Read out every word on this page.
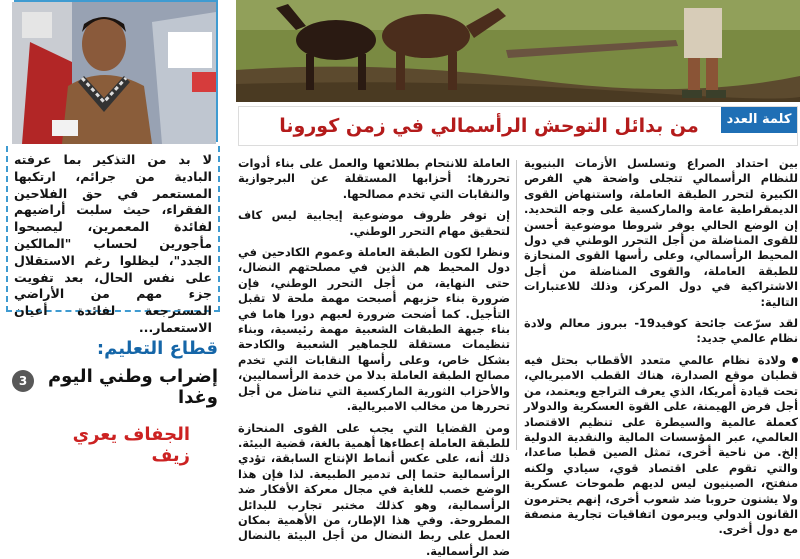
لا بد من التذكير بما عرفته البادية من جرائم، ارتكبها المستعمر في حق الفلاحين الفقراء، حيث سلبت أراضيهم لفائدة المعمرين، ليصبحوا مأجورين لحساب "المالكين الجدد"، ليظلوا رغم الاستقلال على نفس الحال، بعد تفويت جزء مهم من الأراضي المسترجعة لفائدة أعيان الاستعمار...
قطاع التعليم:
إضراب وطني اليوم وغدا
3
الجفاف يعري زيف
كلمة العدد
من بدائل التوحش الرأسمالي في زمن كورونا

بين احتداد الصراع وتسلسل الأزمات البنيوية للنظام الرأسمالي تتجلى واضحة هي الفرص الكبيرة لتحرر الطبقة العاملة، واستنهاض القوى الديمقراطية عامة والماركسية على وجه التحديد. إن الوضع الحالي يوفر شروطا موضوعية أحسن للقوى المناضلة من أجل التحرر الوطني في دول المحيط الرأسمالي، وعلى رأسها القوى المنحازة للطبقة العاملة، والقوى المناضلة من أجل الاشتراكية في دول المركز، وذلك للاعتبارات التالية:

لقد سرّعت جائحة كوفيد19- ببروز معالم ولادة نظام عالمي جديد:

ولادة نظام عالمي متعدد الأقطاب بحتل فيه قطبان موقع الصدارة، هناك القطب الامبريالي، تحت قيادة أمريكا، الذي يعرف التراجع ويعتمد، من أجل فرض الهيمنة، على القوة العسكرية والدولار كعملة عالمية والسيطرة على تنظيم الاقتصاد العالمي، عبر المؤسسات المالية والنقدية الدولية إلخ. من ناحية أخرى، تمثل الصين قطبا صاعدا، والتي تقوم على اقتصاد قوي، سيادي ولكنه منفتح، الصينيون ليس لديهم طموحات عسكرية ولا يشنون حروبا ضد شعوب أخرى، إنهم يحترمون القانون الدولي ويبرمون اتفاقيات تجارية منصفة مع دول أخرى.

العاملة للانتحام بطلائعها والعمل على بناء أدوات تحررها: أحزابها المستقلة عن البرجوازية والنقابات التي تخدم مصالحها.

إن توفر ظروف موضوعية إيجابية ليس كاف لتحقيق مهام التحرر الوطني.

ونظرا لكون الطبقة العاملة وعموم الكادحين في دول المحيط هم الذين في مصلحتهم النضال، حتى النهاية، من أجل التحرر الوطني، فإن ضرورة بناء حزبهم أصبحت مهمة ملحة لا تقبل التأجيل. كما أضحت ضرورة لعبهم دورا هاما في بناء جبهة الطبقات الشعبية مهمة رئيسية، وبناء تنظيمات مستقلة للجماهير الشعبية والكادحة بشكل خاص، وعلى رأسها النقابات التي تخدم مصالح الطبقة العاملة بدلا من خدمة الرأسماليين، والأحزاب الثورية الماركسية التي تناضل من أجل تحررها من مخالب الامبريالية.

ومن القضايا التي يجب على القوى المنحازة للطبقة العاملة إعطاءها أهمية بالغة، قضية البيئة. ذلك أنه، على عكس أنماط الإنتاج السابقة، تؤدي الرأسمالية حتما إلى تدمير الطبيعة. لذا فإن هذا الوضع خصب للغاية في مجال معركة الأفكار ضد الرأسمالية، وهو كذلك مختبر تجارب للبدائل المطروحة. وفي هذا الإطار، من الأهمية بمكان العمل على ربط النضال من أجل البيئة بالنضال ضد الرأسمالية.
